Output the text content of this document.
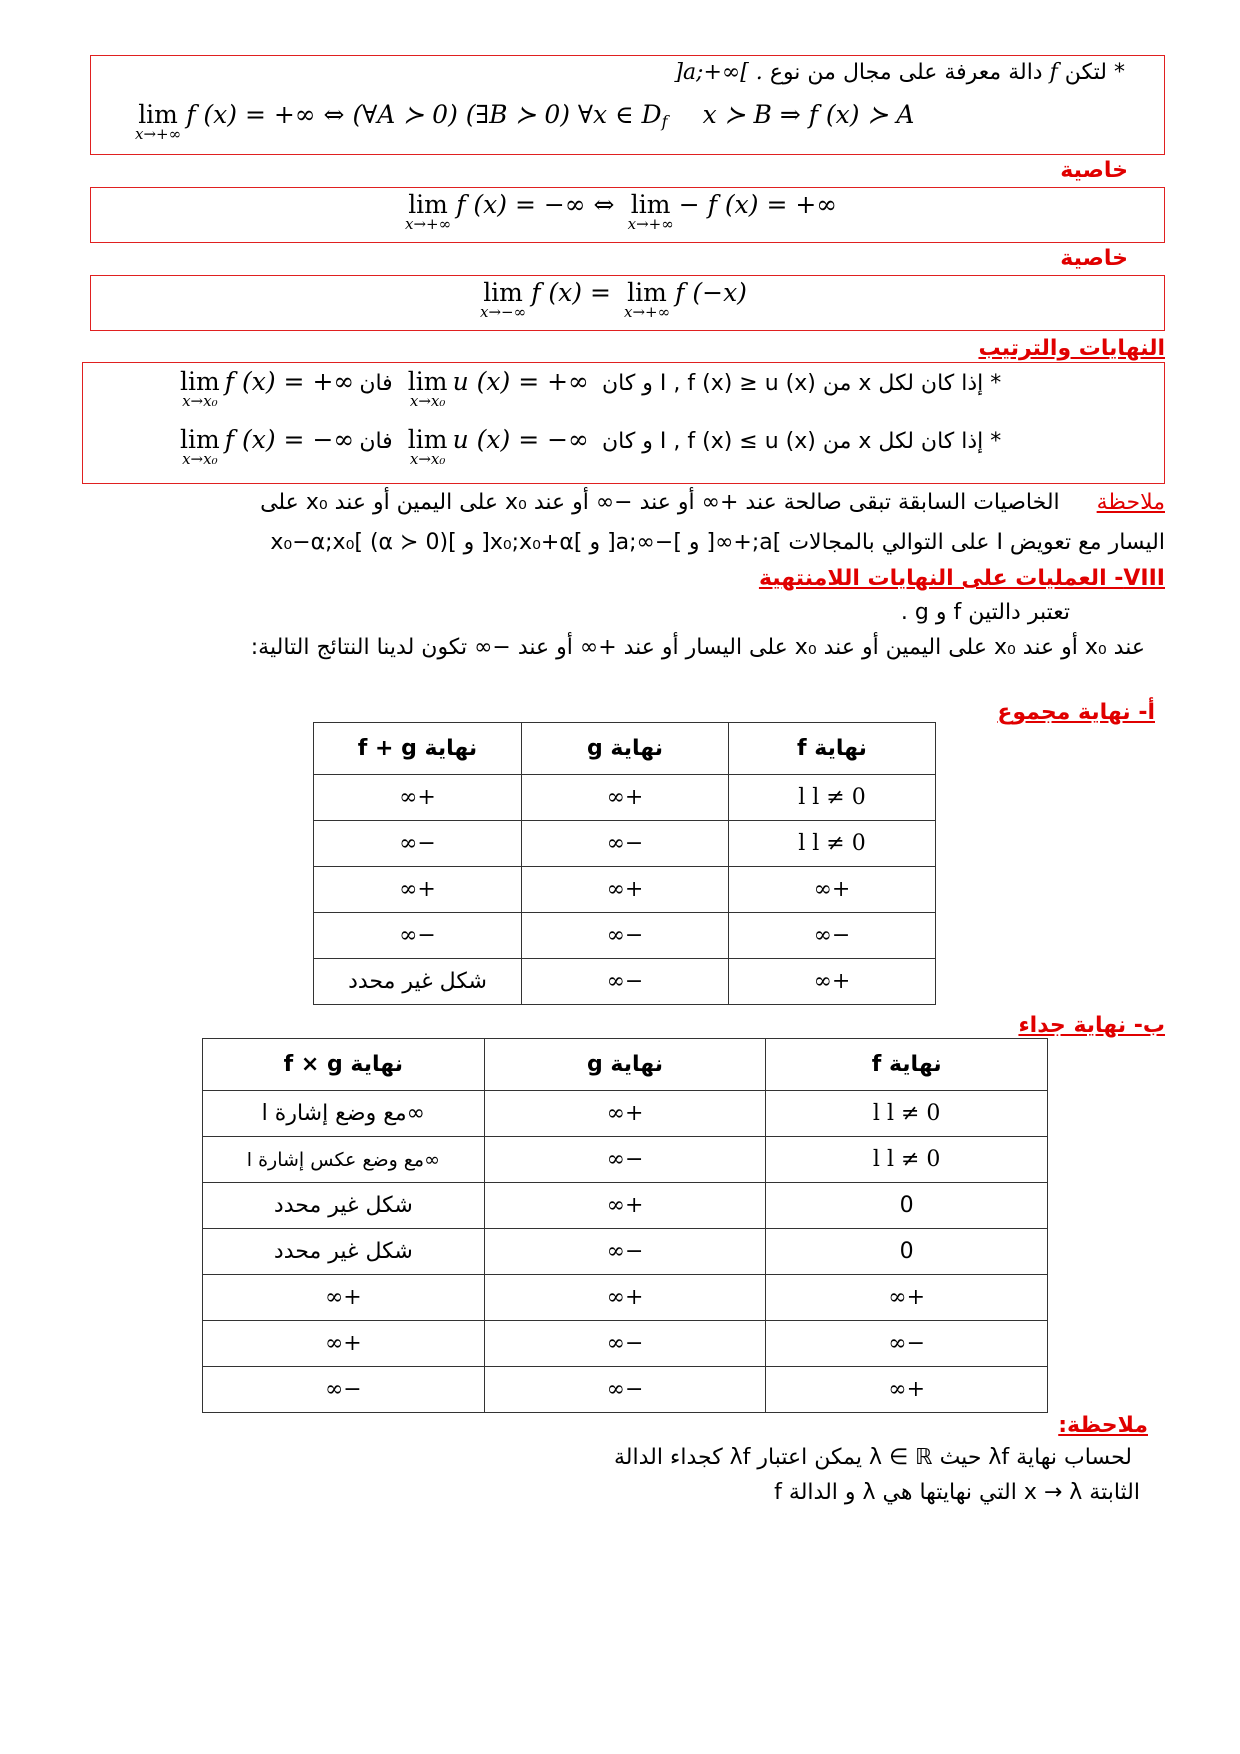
* لتكن f دالة معرفة على مجال من نوع ]a;+∞[ .
lim
x→+∞
f (x) = +∞ ⇔ (∀A ≻ 0) (∃B ≻ 0) ∀x ∈ $D_f$ x ≻ B ⇒ f (x) ≻ A
خاصية
lim
x→+∞
f (x) = −∞ ⇔ lim
x→+∞
− f (x) = +∞
خاصية
lim
x→−∞
f (x) = lim
x→+∞
f (−x)
النهايات والترتيب
lim
x→x₀
f (x) = +∞ فان lim
x→x₀
u (x) = +∞ * إذا كان لكل x من I , f (x) ≥ u (x) و كان
lim
x→x₀
f (x) = −∞ فان lim
x→x₀
u (x) = −∞ * إذا كان لكل x من I , f (x) ≤ u (x) و كان
ملاحظة الخاصيات السابقة تبقى صالحة عند +∞ أو عند −∞ أو عند x₀ على اليمين أو عند x₀ على
اليسار مع تعويض I على التوالي بالمجالات ]a;+∞[ و ]−∞;a[ و ]x₀;x₀+α[ و ]x₀−α;x₀[ (α ≻ 0)
VIII- العمليات على النهايات اللامنتهية
تعتبر دالتين f و g .
عند x₀ أو عند x₀ على اليمين أو عند x₀ على اليسار أو عند +∞ أو عند −∞ تكون لدينا النتائج التالية:
أ- نهاية مجموع
نهاية f	نهاية g	نهاية f + g
l l ≠ 0	+∞	+∞
l l ≠ 0	−∞	−∞
+∞	+∞	+∞
−∞	−∞	−∞
+∞	−∞	شكل غير محدد
ب- نهاية جداء
نهاية f	نهاية g	نهاية f × g
l l ≠ 0	+∞	∞مع وضع إشارة l
l l ≠ 0	−∞	∞مع وضع عكس إشارة l
0	+∞	شكل غير محدد
0	−∞	شكل غير محدد
+∞	+∞	+∞
−∞	−∞	+∞
+∞	−∞	−∞
ملاحظة:
لحساب نهاية λf حيث λ ∈ ℝ يمكن اعتبار λf كجداء الدالة
الثابتة x → λ التي نهايتها هي λ و الدالة f
